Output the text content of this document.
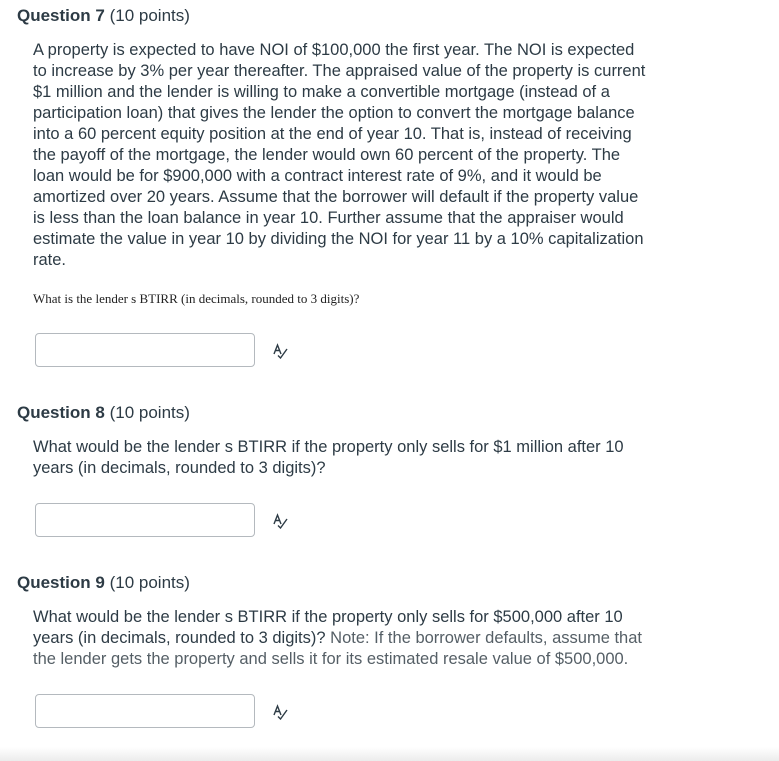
Question 7 (10 points)
A property is expected to have NOI of $100,000 the first year. The NOI is expected
to increase by 3% per year thereafter. The appraised value of the property is current
$1 million and the lender is willing to make a convertible mortgage (instead of a
participation loan) that gives the lender the option to convert the mortgage balance
into a 60 percent equity position at the end of year 10. That is, instead of receiving
the payoff of the mortgage, the lender would own 60 percent of the property. The
loan would be for $900,000 with a contract interest rate of 9%, and it would be
amortized over 20 years. Assume that the borrower will default if the property value
is less than the loan balance in year 10. Further assume that the appraiser would
estimate the value in year 10 by dividing the NOI for year 11 by a 10% capitalization
rate.
What is the lender s BTIRR (in decimals, rounded to 3 digits)?
Question 8 (10 points)
What would be the lender s BTIRR if the property only sells for $1 million after 10
years (in decimals, rounded to 3 digits)?
Question 9 (10 points)
What would be the lender s BTIRR if the property only sells for $500,000 after 10
years (in decimals, rounded to 3 digits)? Note: If the borrower defaults, assume that
the lender gets the property and sells it for its estimated resale value of $500,000.
